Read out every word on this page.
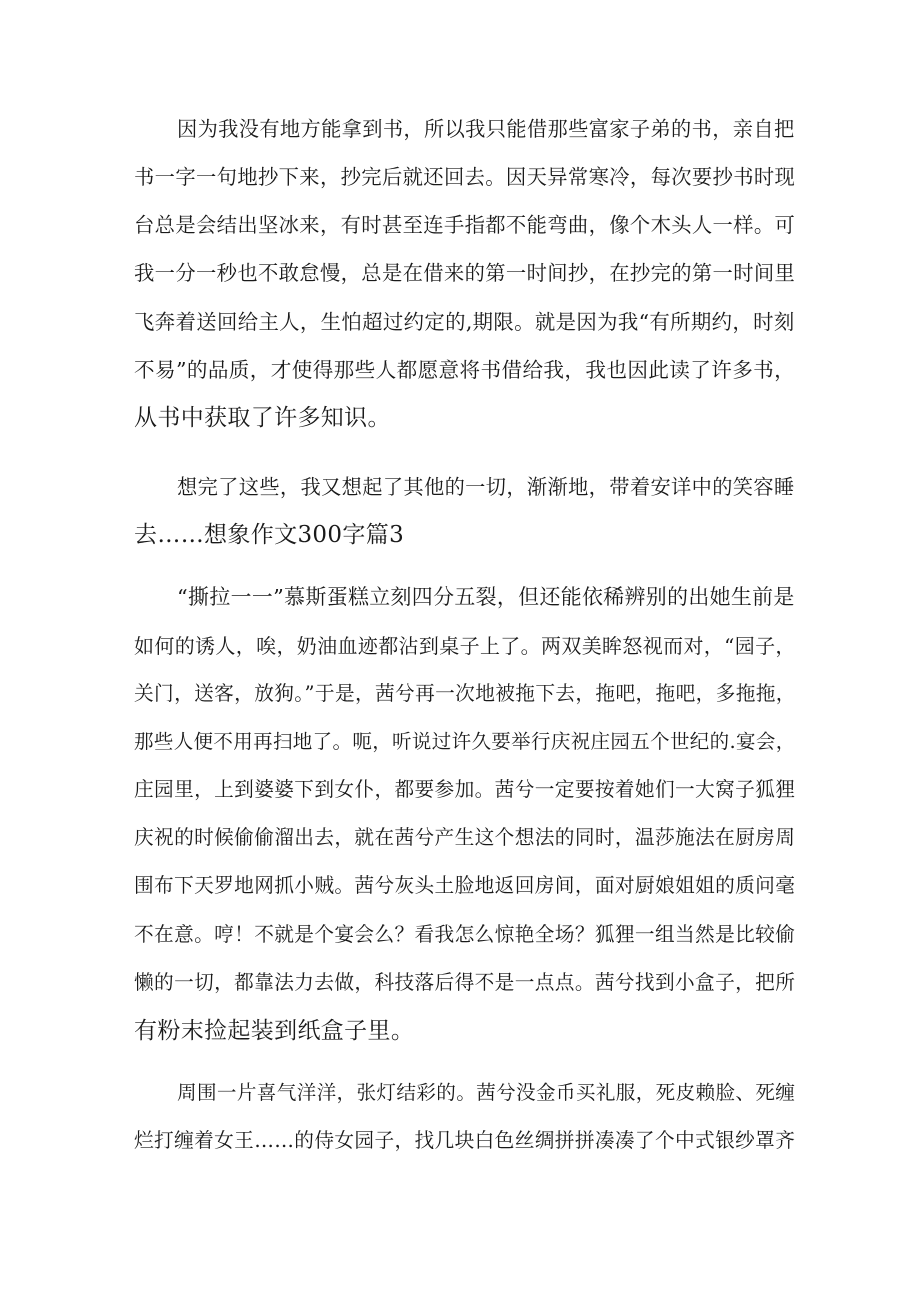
因为我没有地方能拿到书，所以我只能借那些富家子弟的书，亲自把
书一字一句地抄下来，抄完后就还回去。因天异常寒冷，每次要抄书时现
台总是会结出坚冰来，有时甚至连手指都不能弯曲，像个木头人一样。可
我一分一秒也不敢怠慢，总是在借来的第一时间抄，在抄完的第一时间里
飞奔着送回给主人，生怕超过约定的,期限。就是因为我“有所期约，时刻
不易”的品质，才使得那些人都愿意将书借给我，我也因此读了许多书，
从书中获取了许多知识。
想完了这些，我又想起了其他的一切，渐渐地，带着安详中的笑容睡
去……想象作文300字篇3
“撕拉一一”慕斯蛋糕立刻四分五裂，但还能依稀辨别的出她生前是
如何的诱人，唉，奶油血迹都沾到桌子上了。两双美眸怒视而对，“园子，
关门，送客，放狗。”于是，茜兮再一次地被拖下去，拖吧，拖吧，多拖拖，
那些人便不用再扫地了。呃，听说过许久要举行庆祝庄园五个世纪的.宴会，
庄园里，上到婆婆下到女仆，都要参加。茜兮一定要按着她们一大窝子狐狸
庆祝的时候偷偷溜出去，就在茜兮产生这个想法的同时，温莎施法在厨房周
围布下天罗地网抓小贼。茜兮灰头土脸地返回房间，面对厨娘姐姐的质问毫
不在意。哼！不就是个宴会么？看我怎么惊艳全场？狐狸一组当然是比较偷
懒的一切，都靠法力去做，科技落后得不是一点点。茜兮找到小盒子，把所
有粉末捡起装到纸盒子里。
周围一片喜气洋洋，张灯结彩的。茜兮没金币买礼服，死皮赖脸、死缠
烂打缠着女王……的侍女园子，找几块白色丝绸拼拼凑凑了个中式银纱罩齐
